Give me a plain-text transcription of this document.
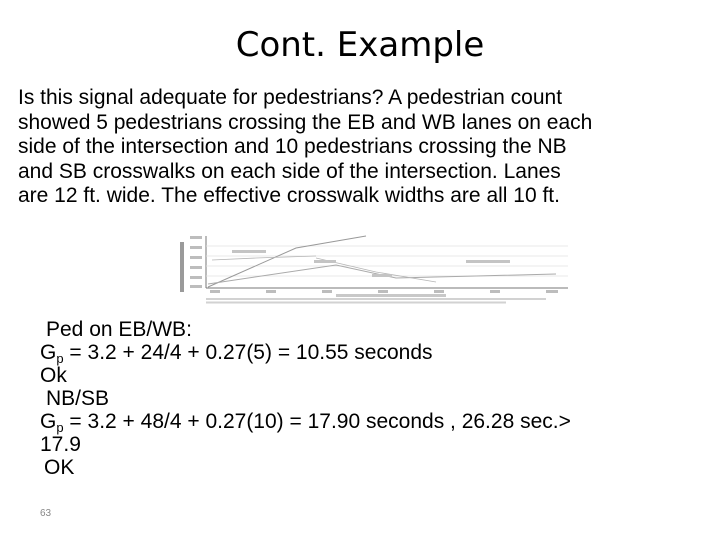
Cont. Example
Is this signal adequate for pedestrians? A pedestrian count
showed 5 pedestrians crossing the EB and WB lanes on each
side of the intersection and 10 pedestrians crossing the NB
and SB crosswalks on each side of the intersection. Lanes
are 12 ft. wide. The effective crosswalk widths are all 10 ft.
Ped on EB/WB:
$G_p = 3.2 + 24/4 + 0.27(5) = 10.55$ seconds
Ok
NB/SB
$G_p = 3.2 + 48/4 + 0.27(10) = 17.90$ seconds , 26.28 sec.>
17.9
OK
63
